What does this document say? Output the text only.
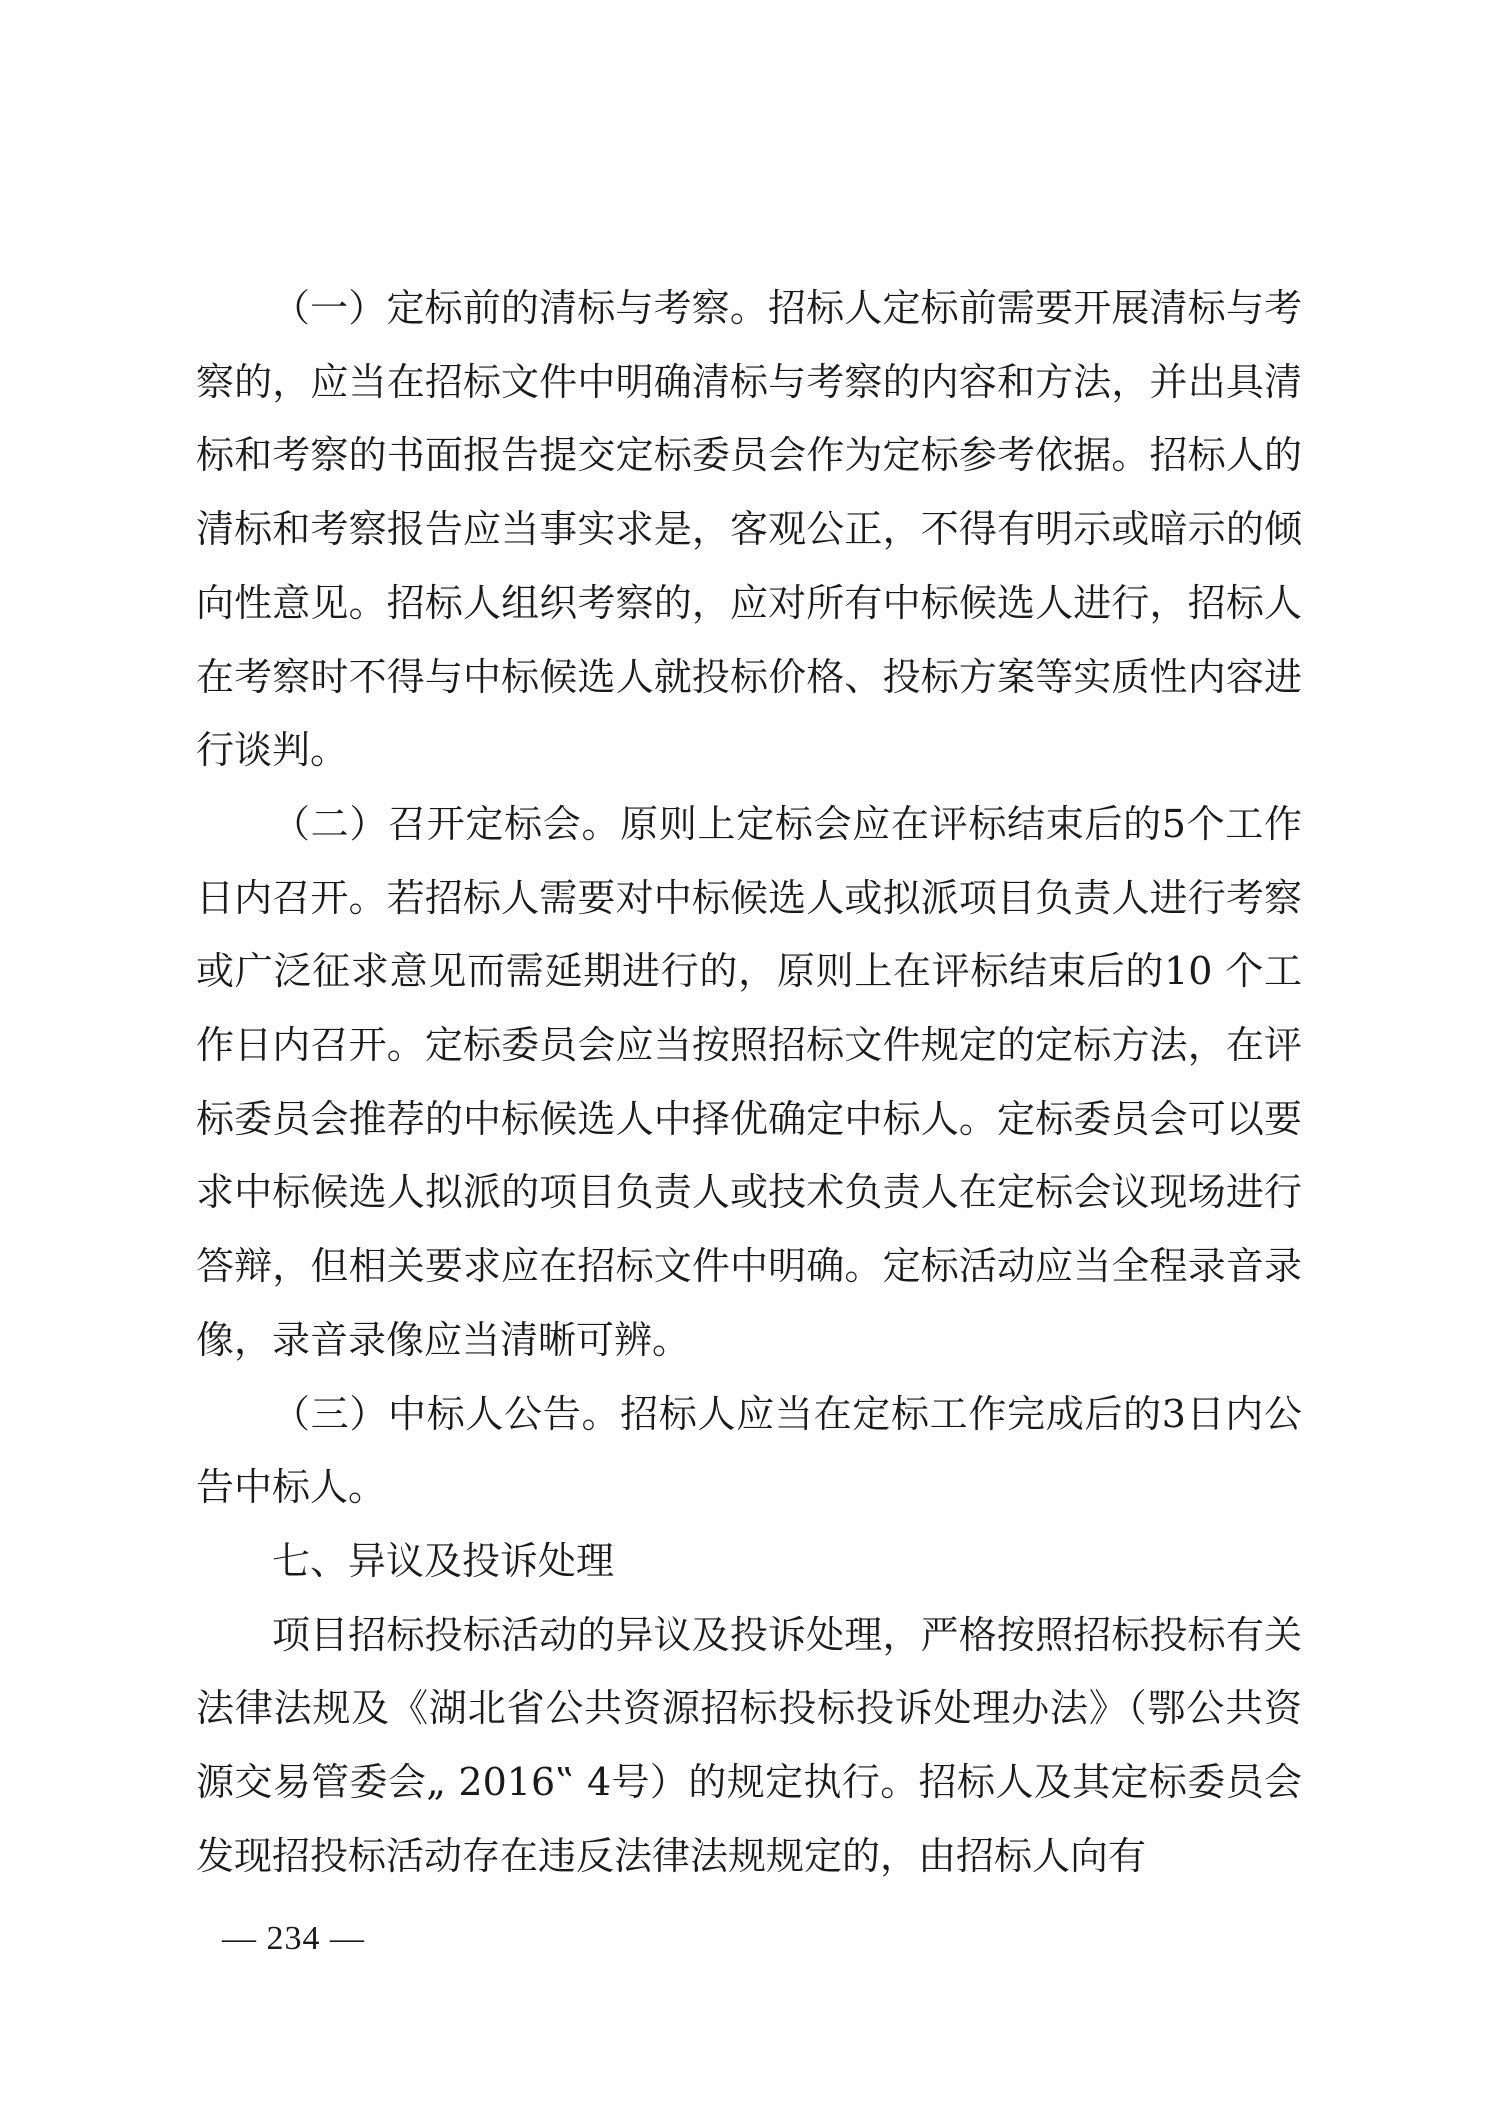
（一）定标前的清标与考察。招标人定标前需要开展清标与考察的，应当在招标文件中明确清标与考察的内容和方法，并出具清标和考察的书面报告提交定标委员会作为定标参考依据。招标人的清标和考察报告应当事实求是，客观公正，不得有明示或暗示的倾向性意见。招标人组织考察的，应对所有中标候选人进行，招标人在考察时不得与中标候选人就投标价格、投标方案等实质性内容进行谈判。

（二）召开定标会。原则上定标会应在评标结束后的5个工作日内召开。若招标人需要对中标候选人或拟派项目负责人进行考察或广泛征求意见而需延期进行的，原则上在评标结束后的10 个工作日内召开。定标委员会应当按照招标文件规定的定标方法，在评标委员会推荐的中标候选人中择优确定中标人。定标委员会可以要求中标候选人拟派的项目负责人或技术负责人在定标会议现场进行答辩，但相关要求应在招标文件中明确。定标活动应当全程录音录像，录音录像应当清晰可辨。

（三）中标人公告。招标人应当在定标工作完成后的3日内公告中标人。

七、异议及投诉处理

项目招标投标活动的异议及投诉处理，严格按照招标投标有关法律法规及《湖北省公共资源招标投标投诉处理办法》（鄂公共资源交易管委会„ 2016‟ 4号）的规定执行。招标人及其定标委员会发现招投标活动存在违反法律法规规定的，由招标人向有

— 234 —
